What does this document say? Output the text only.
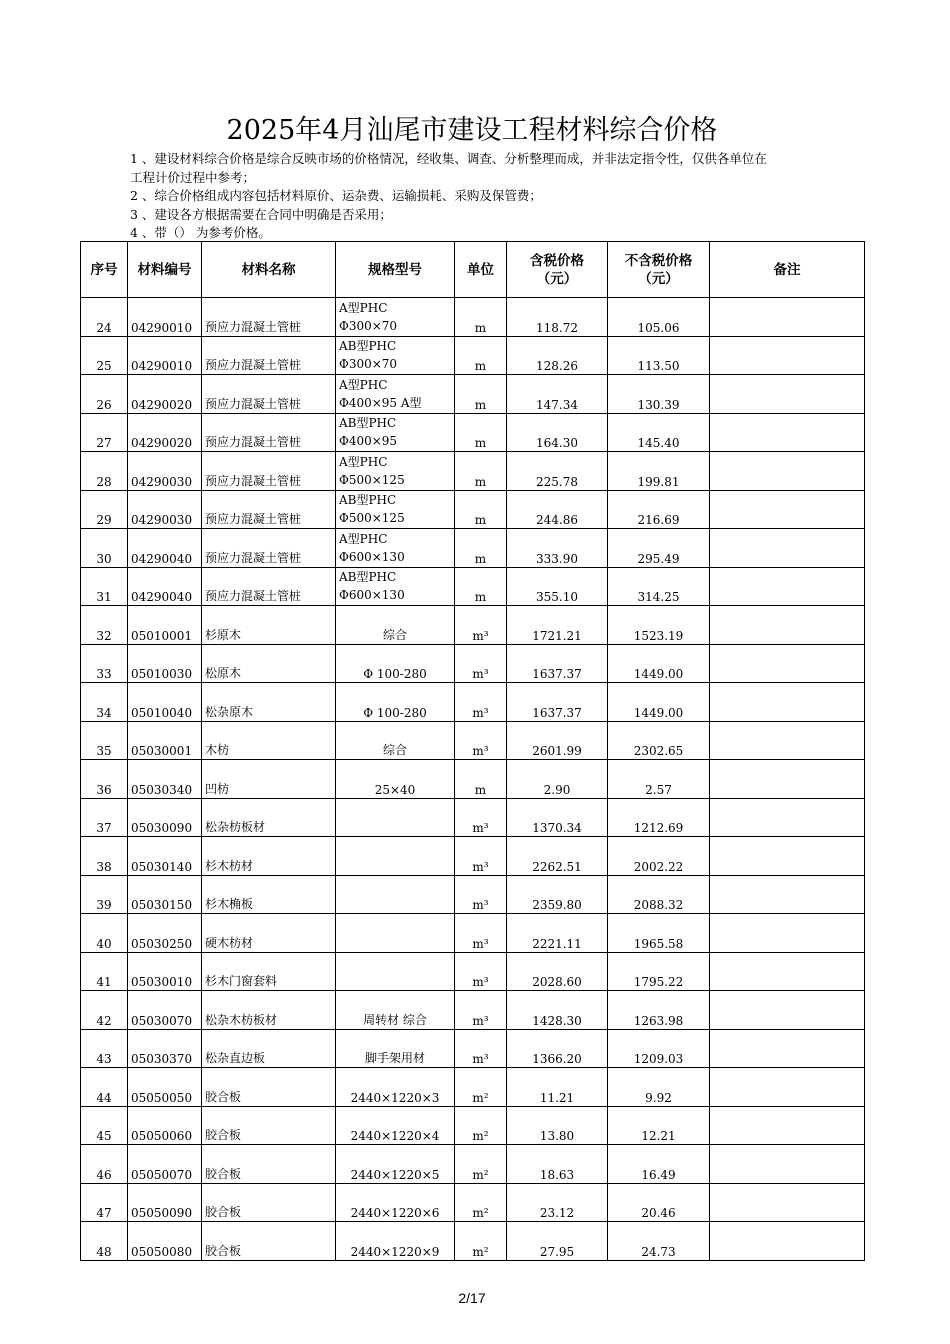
2025年4月汕尾市建设工程材料综合价格
1 、建设材料综合价格是综合反映市场的价格情况，经收集、调查、分析整理而成，并非法定指令性，仅供各单位在
工程计价过程中参考；
2 、综合价格组成内容包括材料原价、运杂费、运输损耗、采购及保管费；
3 、建设各方根据需要在合同中明确是否采用；
4 、带（） 为参考价格。
序号	材料编号	材料名称	规格型号	单位	含税价格
（元）	不含税价格
（元）	备注
24	04290010	预应力混凝土管桩	A型PHC
Φ300×70	m	118.72	105.06	
25	04290010	预应力混凝土管桩	AB型PHC
Φ300×70	m	128.26	113.50	
26	04290020	预应力混凝土管桩	A型PHC
Φ400×95 A型	m	147.34	130.39	
27	04290020	预应力混凝土管桩	AB型PHC
Φ400×95	m	164.30	145.40	
28	04290030	预应力混凝土管桩	A型PHC
Φ500×125	m	225.78	199.81	
29	04290030	预应力混凝土管桩	AB型PHC
Φ500×125	m	244.86	216.69	
30	04290040	预应力混凝土管桩	A型PHC
Φ600×130	m	333.90	295.49	
31	04290040	预应力混凝土管桩	AB型PHC
Φ600×130	m	355.10	314.25	
32	05010001	杉原木	综合	m³	1721.21	1523.19	
33	05010030	松原木	Φ 100-280	m³	1637.37	1449.00	
34	05010040	松杂原木	Φ 100-280	m³	1637.37	1449.00	
35	05030001	木枋	综合	m³	2601.99	2302.65	
36	05030340	凹枋	25×40	m	2.90	2.57	
37	05030090	松杂枋板材		m³	1370.34	1212.69	
38	05030140	杉木枋材		m³	2262.51	2002.22	
39	05030150	杉木桷板		m³	2359.80	2088.32	
40	05030250	硬木枋材		m³	2221.11	1965.58	
41	05030010	杉木门窗套料		m³	2028.60	1795.22	
42	05030070	松杂木枋板材	周转材 综合	m³	1428.30	1263.98	
43	05030370	松杂直边板	脚手架用材	m³	1366.20	1209.03	
44	05050050	胶合板	2440×1220×3	m²	11.21	9.92	
45	05050060	胶合板	2440×1220×4	m²	13.80	12.21	
46	05050070	胶合板	2440×1220×5	m²	18.63	16.49	
47	05050090	胶合板	2440×1220×6	m²	23.12	20.46	
48	05050080	胶合板	2440×1220×9	m²	27.95	24.73	
2/17
